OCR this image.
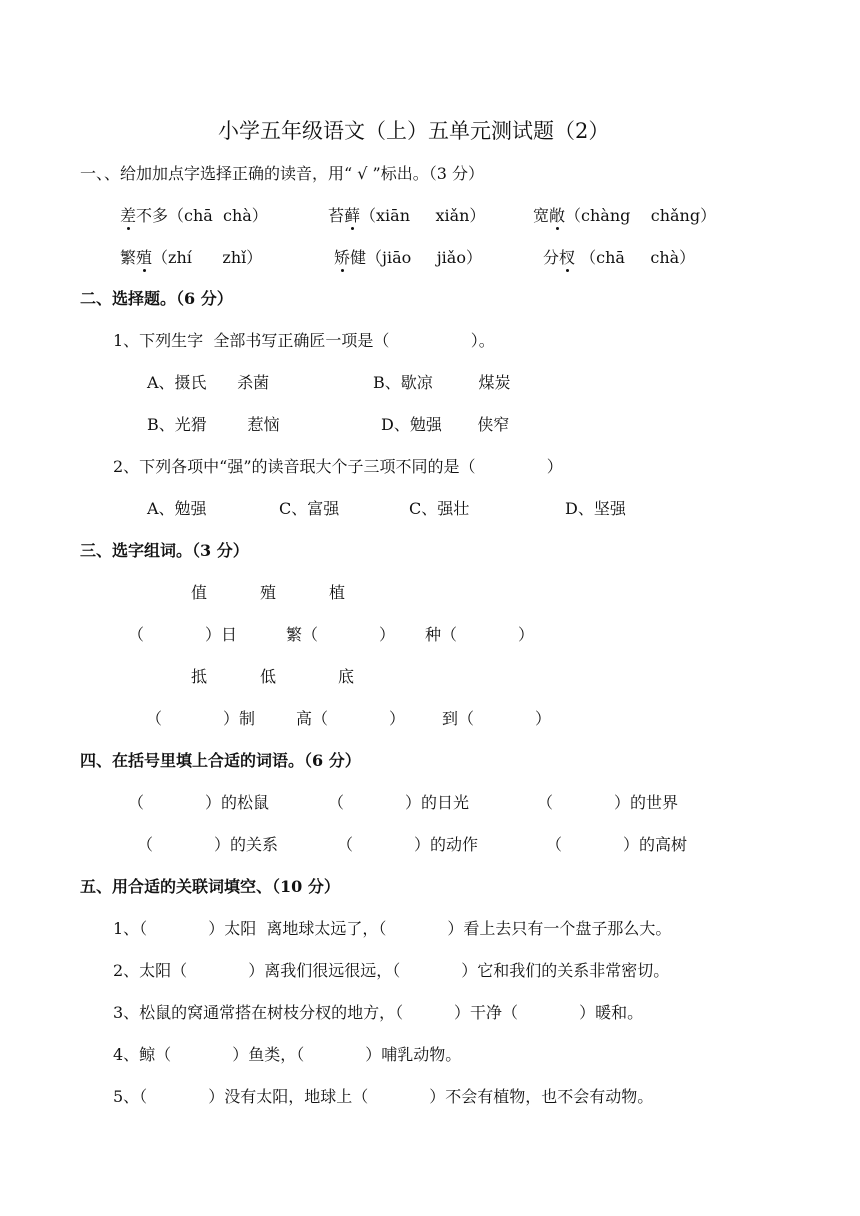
小学五年级语文（上）五单元测试题（2）
一、、给加加点字选择正确的读音，用“ √ ”标出。（3 分）
差不多（chā  chà）	苔藓（xiān     xiǎn）	宽敞（chàng    chǎng）
繁殖（zhí      zhǐ）	矫健（jiāo     jiǎo）	分杈 （chā     chà）
二、选择题。（6 分）
1、下列生字  全部书写正确匠一项是（                ）。
A、摄氏      杀菌	B、歇凉         煤炭
B、光猾        惹恼	D、勉强       侠窄
2、下列各项中“强”的读音珉大个子三项不同的是（              ）
A、勉强	C、富强	C、强壮	D、坚强
三、选字组词。（3 分）
值	殖	植
（            ）日	繁（            ） 种（            ）
抵	低	底
（            ）制	高（            ） 到（            ）
四、在括号里填上合适的词语。（6 分）
（            ）的松鼠	（            ）的日光	（            ）的世界
（            ）的关系	（            ）的动作	（            ）的高树
五、用合适的关联词填空、（10 分）
1、（            ）太阳  离地球太远了，（            ）看上去只有一个盘子那么大。
2、太阳（            ）离我们很远很远，（            ）它和我们的关系非常密切。
3、松鼠的窝通常搭在树枝分杈的地方，（          ）干净（            ）暖和。
4、鲸（            ）鱼类，（            ）哺乳动物。
5、（            ）没有太阳，地球上（            ）不会有植物，也不会有动物。
